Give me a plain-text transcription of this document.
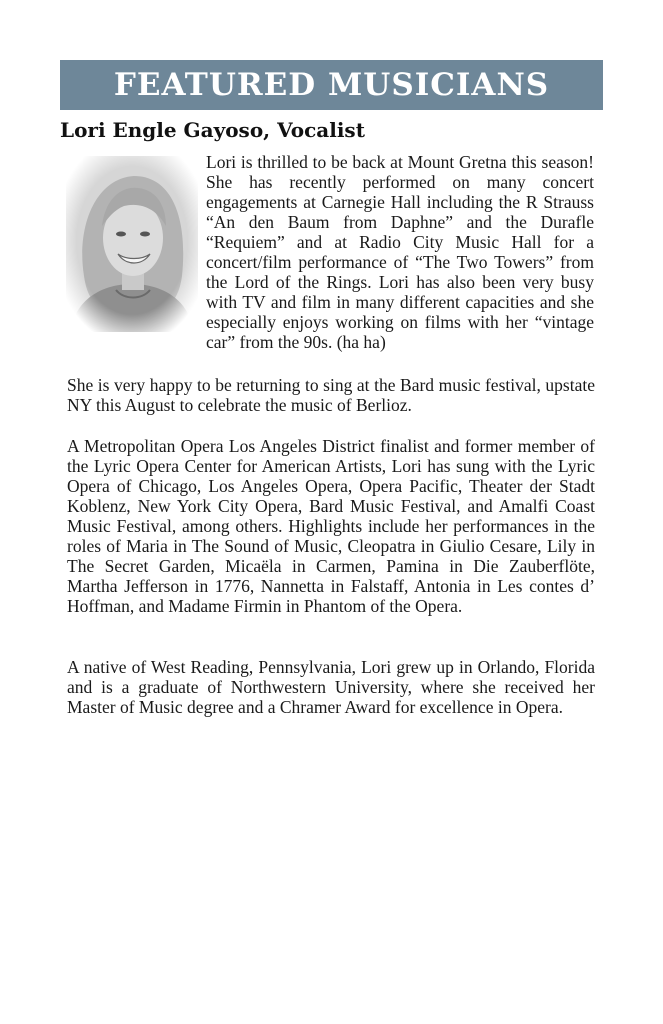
FEATURED MUSICIANS
Lori Engle Gayoso, Vocalist

Lori is thrilled to be back at Mount Gretna this season! She has recently performed on many concert engagements at Carnegie Hall including the R Strauss “An den Baum from Daphne” and the Durafle “Requiem” and at Radio City Music Hall for a concert/film performance of “The Two Towers” from the Lord of the Rings. Lori has also been very busy with TV and film in many different capacities and she especially enjoys working on films with her “vintage car” from the 90s. (ha ha)

She is very happy to be returning to sing at the Bard music festival, upstate NY this August to celebrate the music of Berlioz.

A Metropolitan Opera Los Angeles District finalist and former member of the Lyric Opera Center for American Artists, Lori has sung with the Lyric Opera of Chicago, Los Angeles Opera, Opera Pacific, Theater der Stadt Koblenz, New York City Opera, Bard Music Festival, and Amalfi Coast Music Festival, among others. Highlights include her performances in the roles of Maria in The Sound of Music, Cleopatra in Giulio Cesare, Lily in The Secret Garden, Micaëla in Carmen, Pamina in Die Zauberflöte, Martha Jefferson in 1776, Nannetta in Falstaff, Antonia in Les contes d’ Hoffman, and Madame Firmin in Phantom of the Opera.

A native of West Reading, Pennsylvania, Lori grew up in Orlando, Florida and is a graduate of Northwestern University, where she received her Master of Music degree and a Chramer Award for excellence in Opera.
